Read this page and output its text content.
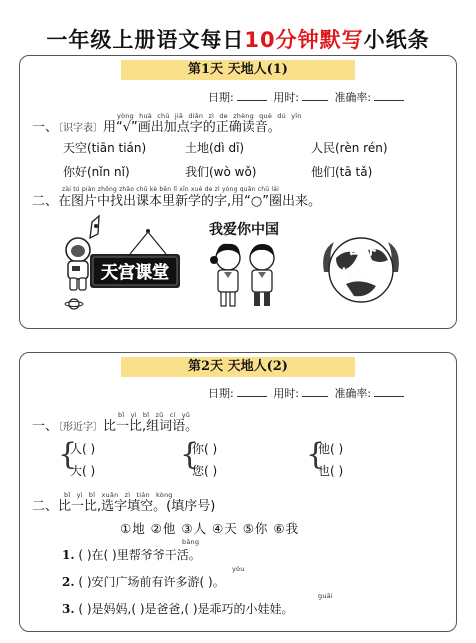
一年级上册语文每日10分钟默写小纸条
第1天 天地人(1)
日期:	用时:	准确率:
yòng huà chū jiā diǎn zì de zhèng què dú yīn
一、〔识字表〕用“√”画出加点字的正确读音。
天空(tiān tián)	土地(dì dī)	人民(rèn rén)
你好(nǐn nǐ)	我们(wò wǒ)	他们(tā tǎ)
zài tú piàn zhōng zhǎo chū kè běn lǐ xīn xué de zì yòng quān chū lái
二、在图片中找出课本里新学的字,用“○”圈出来。
天宫课堂
我爱你中国
世界
地球日
第2天 天地人(2)
日期:	用时:	准确率:
bǐ yì bǐ zǔ cí yǔ
一、〔形近字〕比一比,组词语。
{
人( )
大( )	{
你( )
您( )	{
他( )
也( )
bǐ yì bǐ xuǎn zì tián kòng
二、比一比,选字填空。(填序号)
①地 ②他 ③人 ④天 ⑤你 ⑥我
bāng
1. ( )在( )里帮爷爷干活。
yóu
2. ( )安门广场前有许多游( )。
guāi
3. ( )是妈妈,( )是爸爸,( )是乖巧的小娃娃。
